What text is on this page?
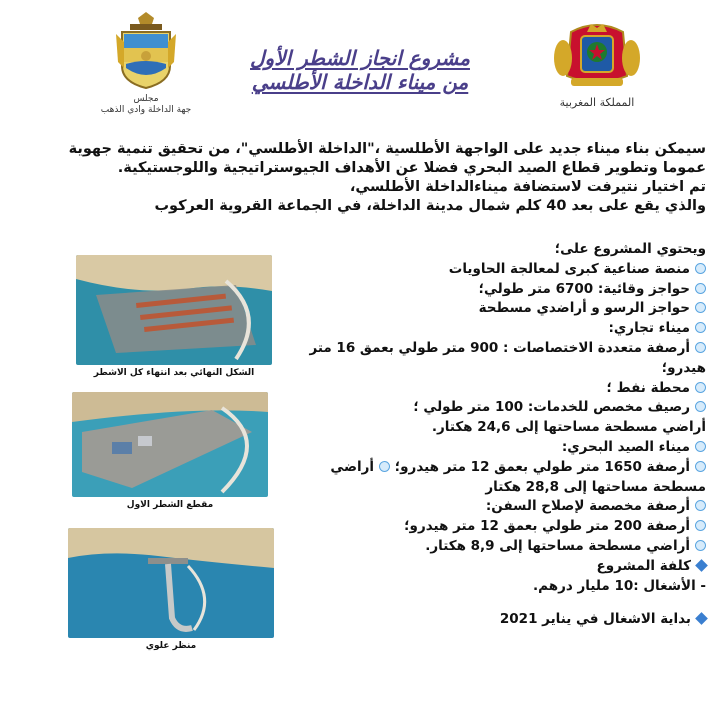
المملكة المغربية
مجلس
جهة الداخلة وادي الذهب
مشروع انجاز الشطر الأول
من ميناء الداخلة الأطلسي
سيمكن بناء ميناء جديد على الواجهة الأطلسية ،"الداخلة الأطلسي"، من تحقيق تنمية جهوية
عموما وتطوير قطاع الصيد البحري فضلا عن الأهداف الجيوستراتيجية واللوجستيكية.
تم اختيار نتيرفت لاستضافة ميناءالداخلة الأطلسي،
والذي يقع على بعد 40 كلم شمال مدينة الداخلة، في الجماعة القروية العركوب
ويحتوي المشروع على؛
منصة صناعية كبرى لمعالجة الحاويات
حواجز وقائية: 6700 متر طولي؛
حواجز الرسو و أراضدي مسطحة
ميناء تجاري:
أرصفة متعددة الاختصاصات : 900 متر طولي بعمق 16 متر هيدرو؛
محطة نفط ؛
رصيف مخصص للخدمات: 100 متر طولي ؛
أراضي مسطحة مساحتها إلى 24,6 هكتار.
ميناء الصيد البحري:
أرصفة 1650 متر طولي بعمق 12 متر هيدرو؛ أراضي
مسطحة مساحتها إلى 28,8 هكتار
أرصفة مخصصة لإصلاح السفن:
أرصفة 200 متر طولي بعمق 12 متر هيدرو؛
أراضي مسطحة مساحتها إلى 8,9 هكتار.
كلفة المشروع
- الأشغال :10 مليار درهم.
بداية الاشغال في يناير 2021
الشكل النهائي بعد انتهاء كل الاشطر
مقطع الشطر الاول
منظر علوي
